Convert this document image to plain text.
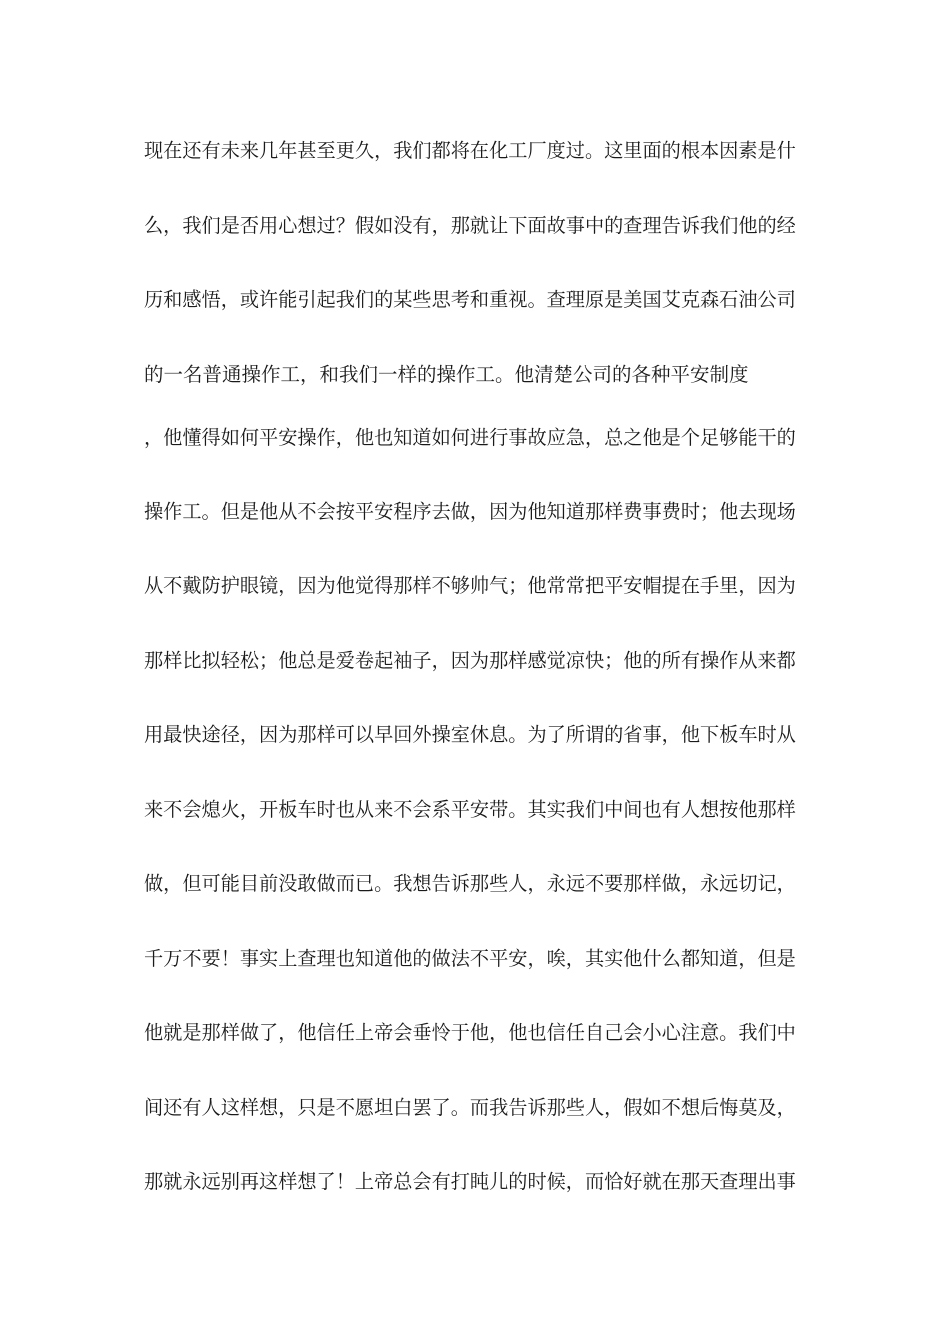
现在还有未来几年甚至更久，我们都将在化工厂度过。这里面的根本因素是什
么，我们是否用心想过？假如没有，那就让下面故事中的查理告诉我们他的经
历和感悟，或许能引起我们的某些思考和重视。查理原是美国艾克森石油公司
的一名普通操作工，和我们一样的操作工。他清楚公司的各种平安制度
，他懂得如何平安操作，他也知道如何进行事故应急，总之他是个足够能干的
操作工。但是他从不会按平安程序去做，因为他知道那样费事费时；他去现场
从不戴防护眼镜，因为他觉得那样不够帅气；他常常把平安帽提在手里，因为
那样比拟轻松；他总是爱卷起袖子，因为那样感觉凉快；他的所有操作从来都
用最快途径，因为那样可以早回外操室休息。为了所谓的省事，他下板车时从
来不会熄火，开板车时也从来不会系平安带。其实我们中间也有人想按他那样
做，但可能目前没敢做而已。我想告诉那些人，永远不要那样做，永远切记，
千万不要！事实上查理也知道他的做法不平安，唉，其实他什么都知道，但是
他就是那样做了，他信任上帝会垂怜于他，他也信任自己会小心注意。我们中
间还有人这样想，只是不愿坦白罢了。而我告诉那些人，假如不想后悔莫及，
那就永远别再这样想了！上帝总会有打盹儿的时候，而恰好就在那天查理出事
